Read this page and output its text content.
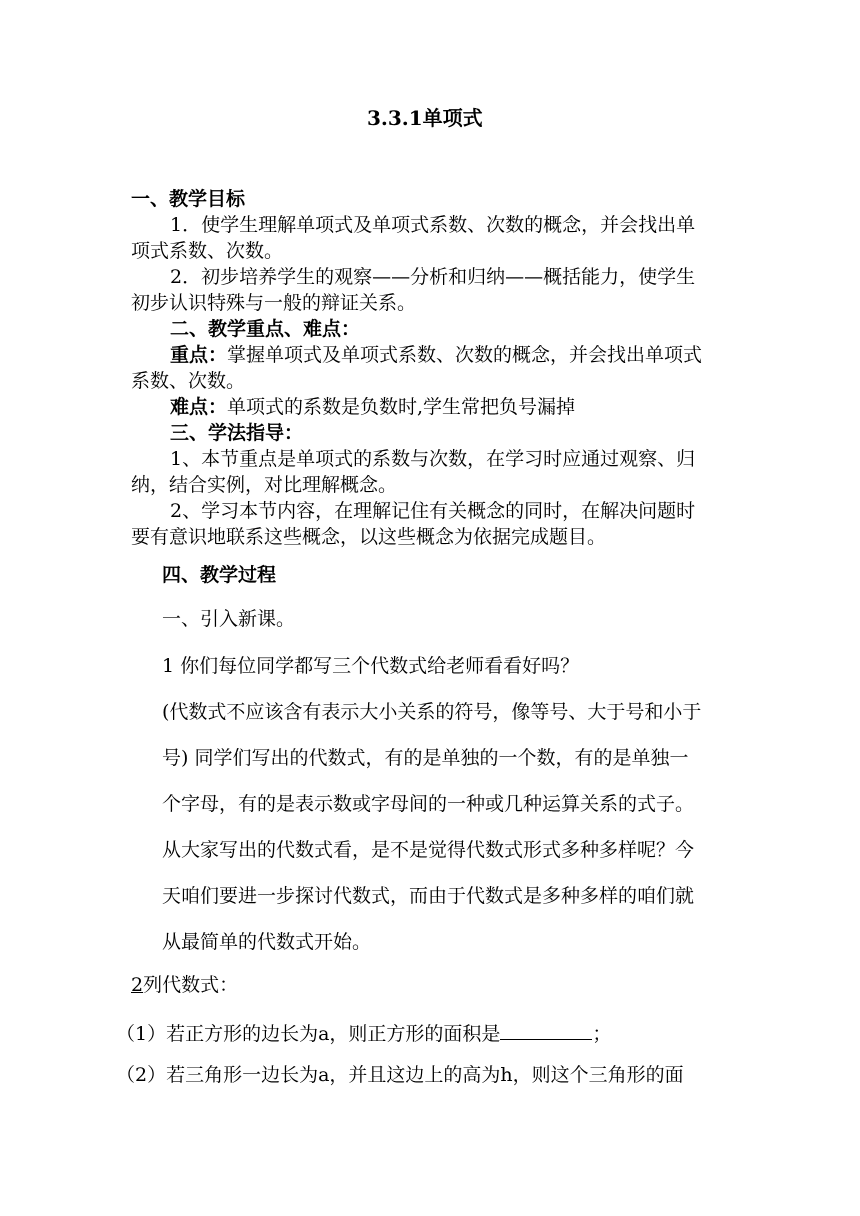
3.3.1单项式
一、教学目标
1．使学生理解单项式及单项式系数、次数的概念，并会找出单
项式系数、次数。
2．初步培养学生的观察——分析和归纳——概括能力，使学生
初步认识特殊与一般的辩证关系。
二、教学重点、难点：
重点：掌握单项式及单项式系数、次数的概念，并会找出单项式
系数、次数。
难点：单项式的系数是负数时,学生常把负号漏掉
三、学法指导：
1、本节重点是单项式的系数与次数，在学习时应通过观察、归
纳，结合实例，对比理解概念。
2、学习本节内容，在理解记住有关概念的同时，在解决问题时
要有意识地联系这些概念，以这些概念为依据完成题目。
四、教学过程
一、引入新课。
1 你们每位同学都写三个代数式给老师看看好吗？
(代数式不应该含有表示大小关系的符号，像等号、大于号和小于
号) 同学们写出的代数式，有的是单独的一个数，有的是单独一
个字母，有的是表示数或字母间的一种或几种运算关系的式子。
从大家写出的代数式看，是不是觉得代数式形式多种多样呢？今
天咱们要进一步探讨代数式，而由于代数式是多种多样的咱们就
从最简单的代数式开始。
2列代数式：
（1）若正方形的边长为a，则正方形的面积是	；
（2）若三角形一边长为a，并且这边上的高为h，则这个三角形的面
